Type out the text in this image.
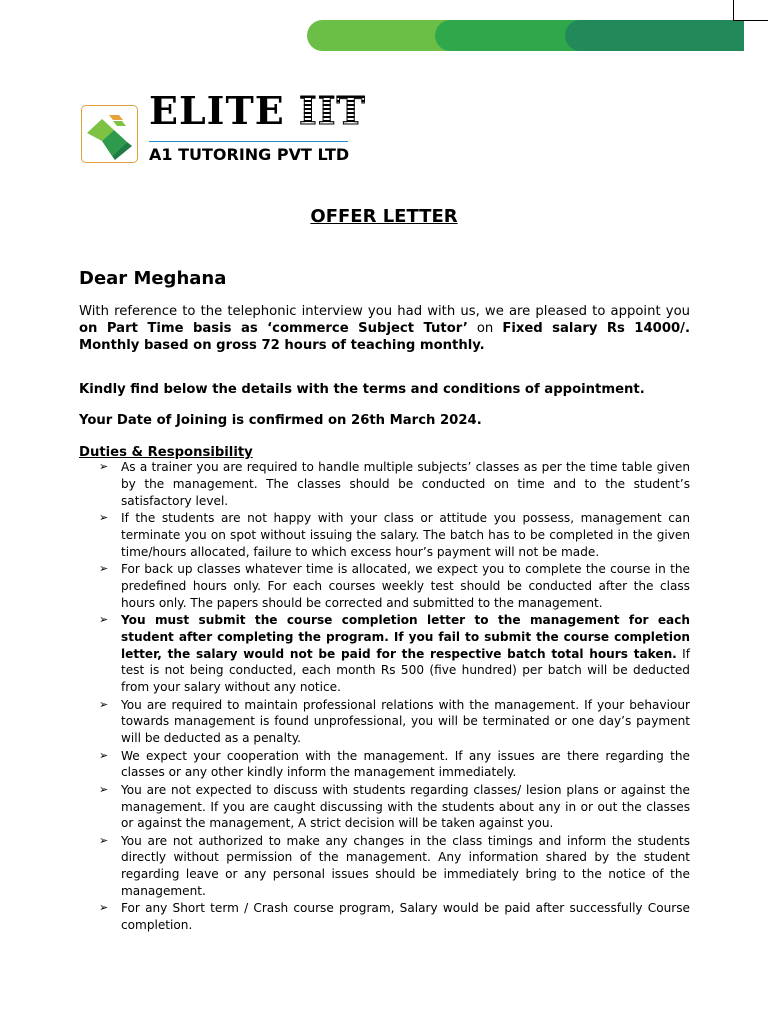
ELITE IIT
A1 TUTORING PVT LTD
OFFER LETTER
Dear Meghana
With reference to the telephonic interview you had with us, we are pleased to appoint you on Part Time basis as ‘commerce Subject Tutor’ on Fixed salary Rs 14000/. Monthly based on gross 72 hours of teaching monthly.
Kindly find below the details with the terms and conditions of appointment.
Your Date of Joining is confirmed on 26th March 2024.
Duties & Responsibility
➢ As a trainer you are required to handle multiple subjects’ classes as per the time table given by the management. The classes should be conducted on time and to the student’s satisfactory level.
➢ If the students are not happy with your class or attitude you possess, management can terminate you on spot without issuing the salary. The batch has to be completed in the given time/hours allocated, failure to which excess hour’s payment will not be made.
➢ For back up classes whatever time is allocated, we expect you to complete the course in the predefined hours only. For each courses weekly test should be conducted after the class hours only. The papers should be corrected and submitted to the management.
➢ You must submit the course completion letter to the management for each student after completing the program. If you fail to submit the course completion letter, the salary would not be paid for the respective batch total hours taken. If test is not being conducted, each month Rs 500 (five hundred) per batch will be deducted from your salary without any notice.
➢ You are required to maintain professional relations with the management. If your behaviour towards management is found unprofessional, you will be terminated or one day’s payment will be deducted as a penalty.
➢ We expect your cooperation with the management. If any issues are there regarding the classes or any other kindly inform the management immediately.
➢ You are not expected to discuss with students regarding classes/ lesion plans or against the management. If you are caught discussing with the students about any in or out the classes or against the management, A strict decision will be taken against you.
➢ You are not authorized to make any changes in the class timings and inform the students directly without permission of the management. Any information shared by the student regarding leave or any personal issues should be immediately bring to the notice of the management.
➢ For any Short term / Crash course program, Salary would be paid after successfully Course completion.
